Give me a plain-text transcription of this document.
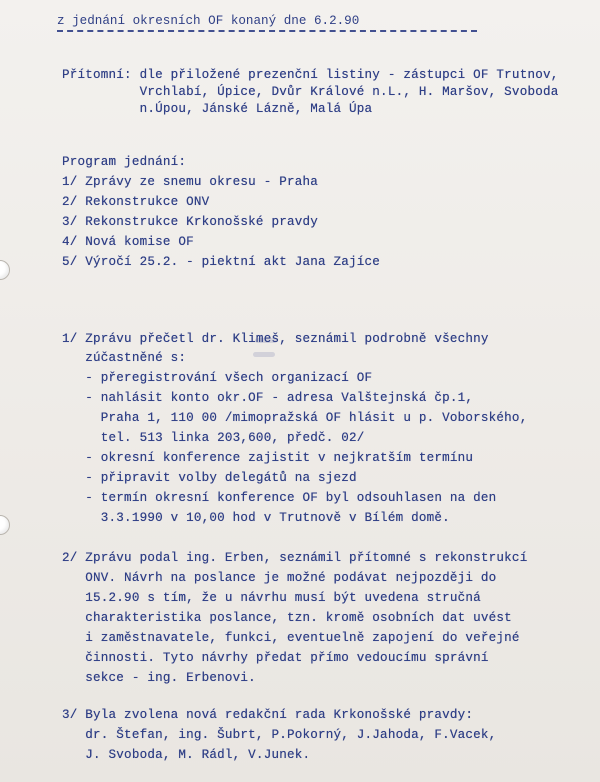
z jednání okresních OF konaný dne 6.2.90
Přítomní: dle přiložené prezenční listiny - zástupci OF Trutnov,
Vrchlabí, Úpice, Dvůr Králové n.L., H. Maršov, Svoboda
n.Úpou, Jánské Lázně, Malá Úpa
Program jednání:
1/ Zprávy ze snemu okresu - Praha
2/ Rekonstrukce ONV
3/ Rekonstrukce Krkonošské pravdy
4/ Nová komise OF
5/ Výročí 25.2. - piektní akt Jana Zajíce
1/ Zprávu přečetl dr. Klimeš, seznámil podrobně všechny
zúčastněné s:
- přeregistrování všech organizací OF
- nahlásit konto okr.OF - adresa Valštejnská čp.1,
Praha 1, 110 00 /mimopražská OF hlásit u p. Voborského,
tel. 513 linka 203,600, předč. 02/
- okresní konference zajistit v nejkratším termínu
- připravit volby delegátů na sjezd
- termín okresní konference OF byl odsouhlasen na den
3.3.1990 v 10,00 hod v Trutnově v Bílém domě.
2/ Zprávu podal ing. Erben, seznámil přítomné s rekonstrukcí
ONV. Návrh na poslance je možné podávat nejpozději do
15.2.90 s tím, že u návrhu musí být uvedena stručná
charakteristika poslance, tzn. kromě osobních dat uvést
i zaměstnavatele, funkci, eventuelně zapojení do veřejné
činnosti. Tyto návrhy předat přímo vedoucímu správní
sekce - ing. Erbenovi.
3/ Byla zvolena nová redakční rada Krkonošské pravdy:
dr. Štefan, ing. Šubrt, P.Pokorný, J.Jahoda, F.Vacek,
J. Svoboda, M. Rádl, V.Junek.
